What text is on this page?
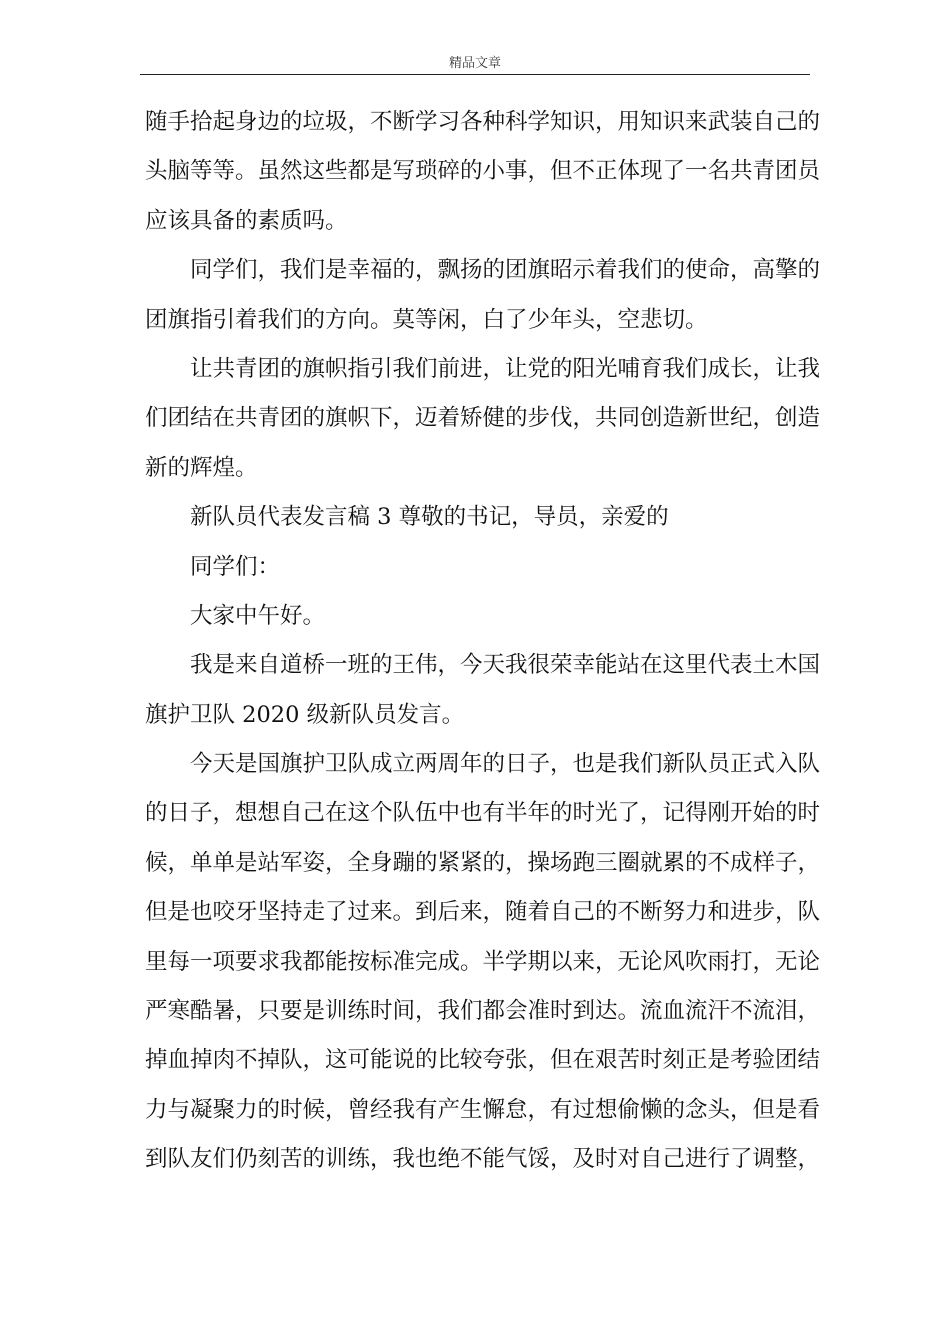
精品文章
随手拾起身边的垃圾，不断学习各种科学知识，用知识来武装自己的
头脑等等。虽然这些都是写琐碎的小事，但不正体现了一名共青团员
应该具备的素质吗。
同学们，我们是幸福的，飘扬的团旗昭示着我们的使命，高擎的
团旗指引着我们的方向。莫等闲，白了少年头，空悲切。
让共青团的旗帜指引我们前进，让党的阳光哺育我们成长，让我
们团结在共青团的旗帜下，迈着矫健的步伐，共同创造新世纪，创造
新的辉煌。
新队员代表发言稿 3 尊敬的书记，导员，亲爱的
同学们：
大家中午好。
我是来自道桥一班的王伟，今天我很荣幸能站在这里代表土木国
旗护卫队 2020 级新队员发言。
今天是国旗护卫队成立两周年的日子，也是我们新队员正式入队
的日子，想想自己在这个队伍中也有半年的时光了，记得刚开始的时
候，单单是站军姿，全身蹦的紧紧的，操场跑三圈就累的不成样子，
但是也咬牙坚持走了过来。到后来，随着自己的不断努力和进步，队
里每一项要求我都能按标准完成。半学期以来，无论风吹雨打，无论
严寒酷暑，只要是训练时间，我们都会准时到达。流血流汗不流泪，
掉血掉肉不掉队，这可能说的比较夸张，但在艰苦时刻正是考验团结
力与凝聚力的时候，曾经我有产生懈怠，有过想偷懒的念头，但是看
到队友们仍刻苦的训练，我也绝不能气馁，及时对自己进行了调整，
